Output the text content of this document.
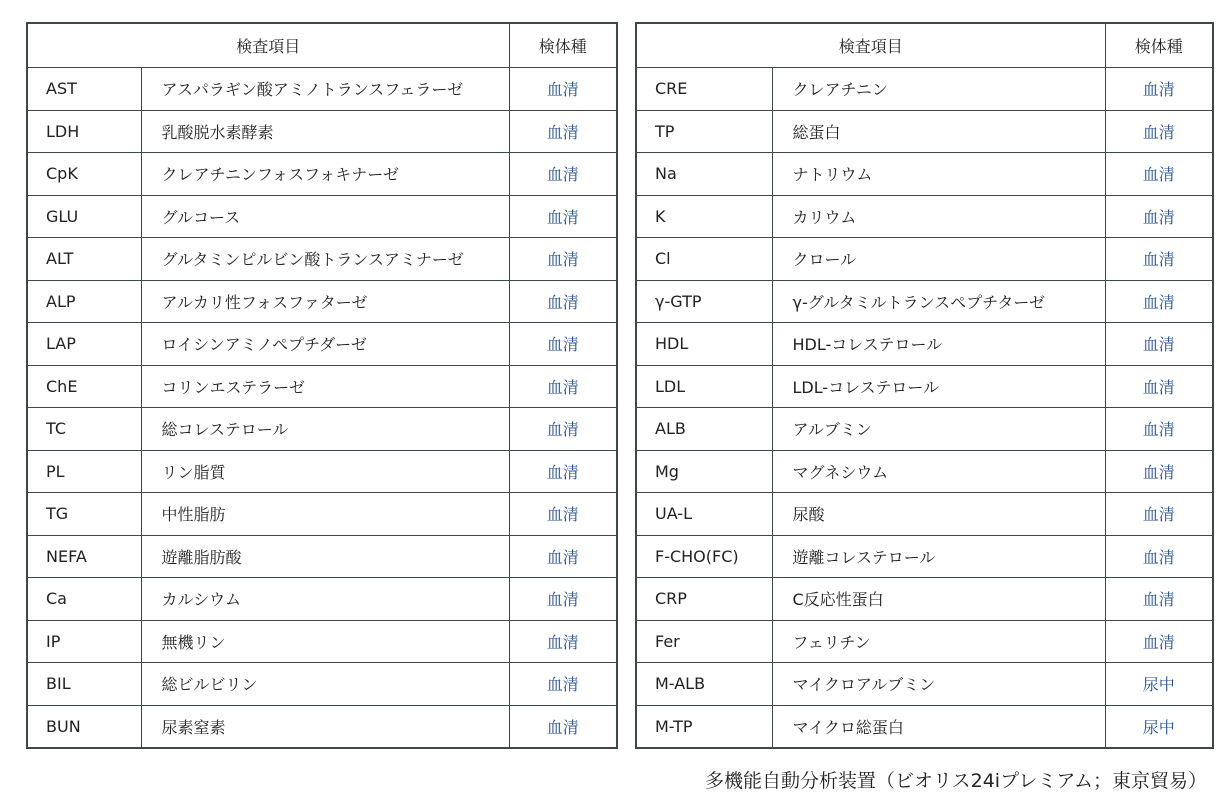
検査項目		検体種
AST	アスパラギン酸アミノトランスフェラーゼ	血清
LDH	乳酸脱水素酵素	血清
CpK	クレアチニンフォスフォキナーゼ	血清
GLU	グルコース	血清
ALT	グルタミンピルビン酸トランスアミナーゼ	血清
ALP	アルカリ性フォスファターゼ	血清
LAP	ロイシンアミノペプチダーゼ	血清
ChE	コリンエステラーゼ	血清
TC	総コレステロール	血清
PL	リン脂質	血清
TG	中性脂肪	血清
NEFA	遊離脂肪酸	血清
Ca	カルシウム	血清
IP	無機リン	血清
BIL	総ビルビリン	血清
BUN	尿素窒素	血清
検査項目		検体種
CRE	クレアチニン	血清
TP	総蛋白	血清
Na	ナトリウム	血清
K	カリウム	血清
Cl	クロール	血清
γ-GTP	γ-グルタミルトランスペプチターゼ	血清
HDL	HDL-コレステロール	血清
LDL	LDL-コレステロール	血清
ALB	アルブミン	血清
Mg	マグネシウム	血清
UA-L	尿酸	血清
F-CHO(FC)	遊離コレステロール	血清
CRP	C反応性蛋白	血清
Fer	フェリチン	血清
M-ALB	マイクロアルブミン	尿中
M-TP	マイクロ総蛋白	尿中
多機能自動分析装置（ビオリス24iプレミアム；東京貿易）
